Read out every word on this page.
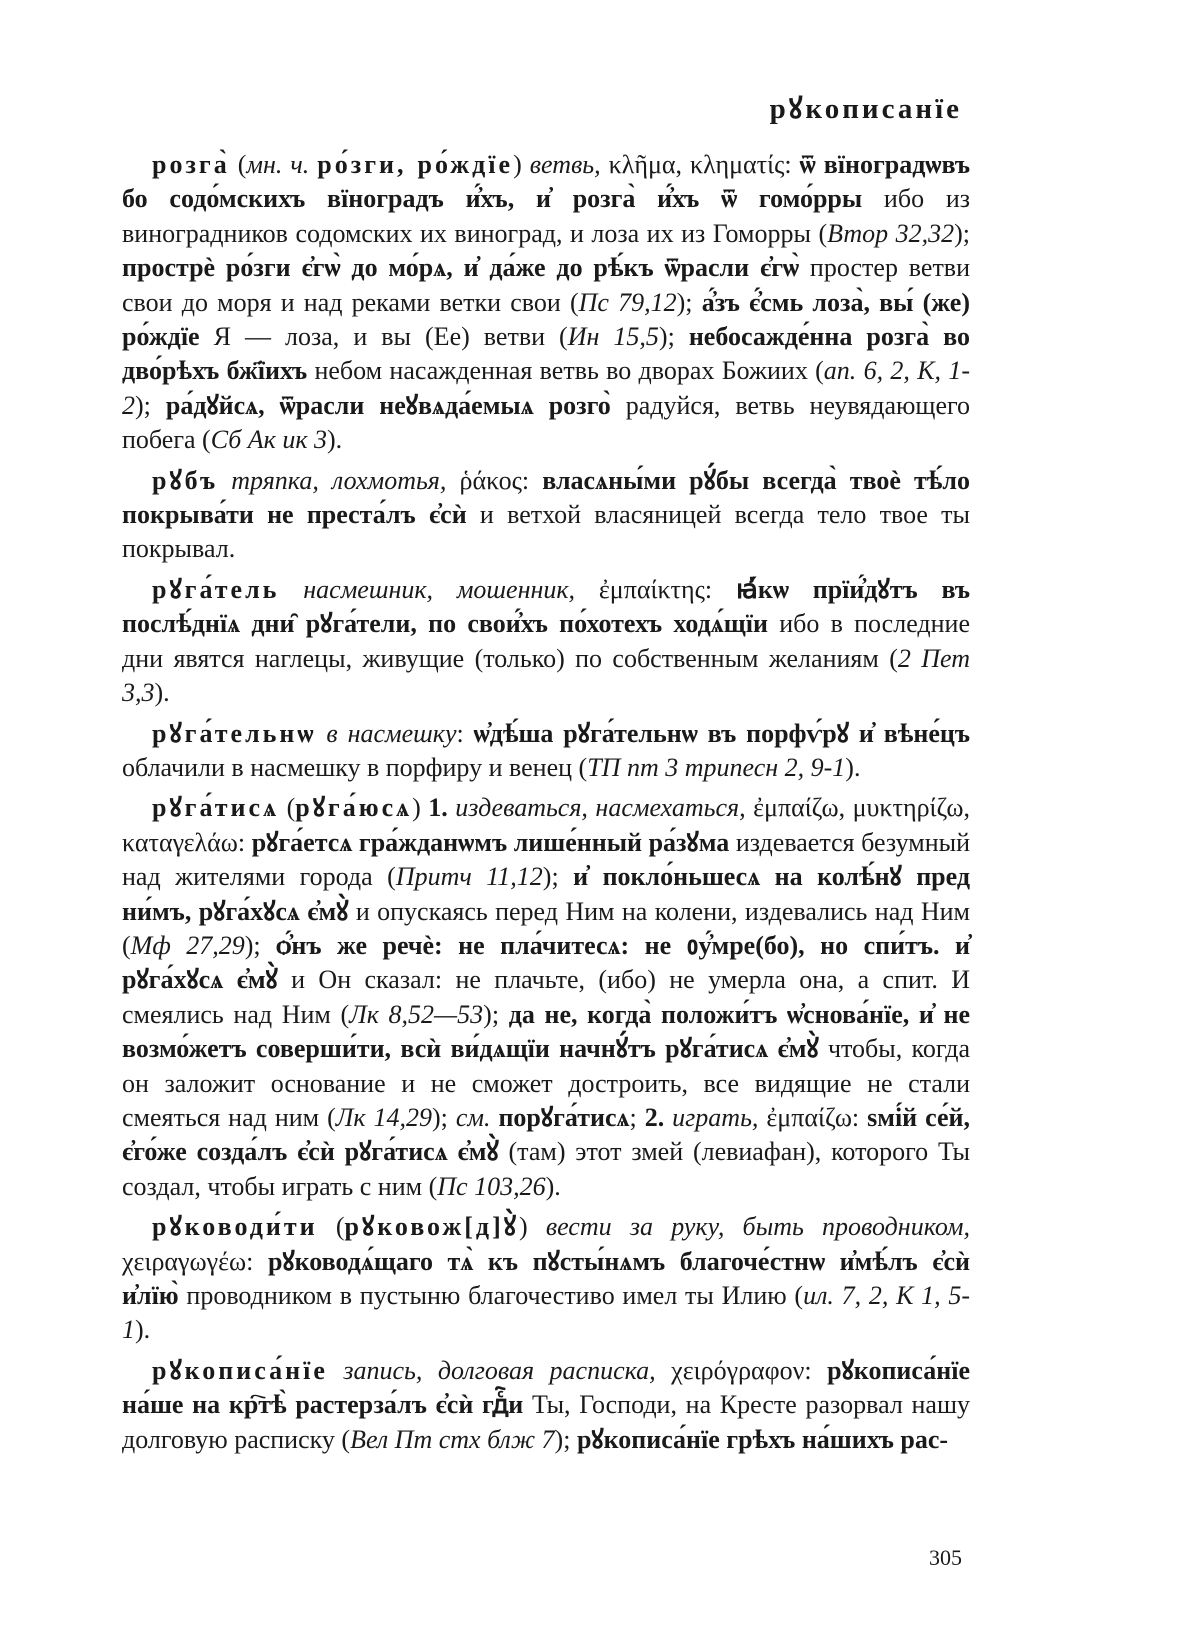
рꙋкописанїе

розга̀ (мн. ч. ро́зги, ро́ждїе) ветвь, κλῆμα, κληματίς: ѿ вїноградѡвъ бо содо́мскихъ вїноградъ и҆́хъ, и҆ розга̀ и҆́хъ ѿ гомо́рры ибо из виноградников содомских их виноград, и лоза их из Гоморры (Втор 32,32); прострѐ ро́зги є҆гѡ̀ до мо́рѧ, и҆ да́же до рѣ́къ ѿрасли є҆гѡ̀ простер ветви свои до моря и над реками ветки свои (Пс 79,12); а҆́зъ є҆́смь лоза̀, вы́ (же) ро́ждїе Я — лоза, и вы (Ее) ветви (Ин 15,5); небосажде́нна розга̀ во дво́рѣхъ бж҃їихъ небом насажденная ветвь во дворах Божиих (ап. 6, 2, К, 1-2); ра́дꙋйсѧ, ѿрасли неꙋвѧда́емыѧ розго̀ радуйся, ветвь неувядающего побега (Сб Ак ик 3).

рꙋбъ тряпка, лохмотья, ῥάκος: власѧны́ми рꙋ́бы всегда̀ твоѐ тѣ́ло покрыва́ти не преста́лъ є҆сѝ и ветхой власяницей всегда тело твое ты покрывал.

рꙋга́тель насмешник, мошенник, ἐμπαίκτης: ꙗ҆́кѡ прїи҆́дꙋтъ въ послѣ́днїѧ дни̑ рꙋга́тели, по свои҆́хъ по́хотехъ ходѧ́щїи ибо в последние дни явятся наглецы, живущие (только) по собственным желаниям (2 Пет 3,3).

рꙋга́тельнѡ в насмешку: ѡ҆дѣ́ша рꙋга́тельнѡ въ порфѵ́рꙋ и҆ вѣне́цъ облачили в насмешку в порфиру и венец (ТП пт 3 трипесн 2, 9-1).

рꙋга́тисѧ (рꙋга́юсѧ) 1. издеваться, насмехаться, ἐμπαίζω, μυκτηρίζω, καταγελάω: рꙋга́етсѧ гра́жданѡмъ лише́нный ра́зꙋма издевается безумный над жителями города (Притч 11,12); и҆ покло́ньшесѧ на колѣ́нꙋ пред ни́мъ, рꙋга́хꙋсѧ є҆мꙋ̀ и опускаясь перед Ним на колени, издевались над Ним (Мф 27,29); ѻ҆́нъ же речѐ: не пла́читесѧ: не ᲂу҆́мре(бо), но спи́тъ. и҆ рꙋга́хꙋсѧ є҆мꙋ̀ и Он сказал: не плачьте, (ибо) не умерла она, а спит. И смеялись над Ним (Лк 8,52—53); да не, когда̀ положи́тъ ѡ҆снова́нїе, и҆ не возмо́жетъ соверши́ти, всѝ ви́дѧщїи начнꙋ́тъ рꙋга́тисѧ є҆мꙋ̀ чтобы, когда он заложит основание и не сможет достроить, все видящие не стали смеяться над ним (Лк 14,29); см. порꙋга́тисѧ; 2. играть, ἐμπαίζω: ѕмі́й се́й, є҆го́же созда́лъ є҆сѝ рꙋга́тисѧ є҆мꙋ̀ (там) этот змей (левиафан), которого Ты создал, чтобы играть с ним (Пс 103,26).

рꙋководи́ти (рꙋковож[д]ꙋ̀) вести за руку, быть проводником, χειραγωγέω: рꙋководѧ́щаго тѧ̀ къ пꙋсты́нѧмъ благоче́стнѡ и҆мѣ́лъ є҆сѝ и҆лїю̀ проводником в пустыню благочестиво имел ты Илию (ил. 7, 2, К 1, 5-1).

рꙋкописа́нїе запись, долговая расписка, χειρόγραφον: рꙋкописа́нїе на́ше на кр҇тѣ̀ растерза́лъ є҆сѝ гдⷭ҇и Ты, Господи, на Кресте разорвал нашу долговую расписку (Вел Пт стх блж 7); рꙋкописа́нїе грѣхъ на́шихъ рас-

305
